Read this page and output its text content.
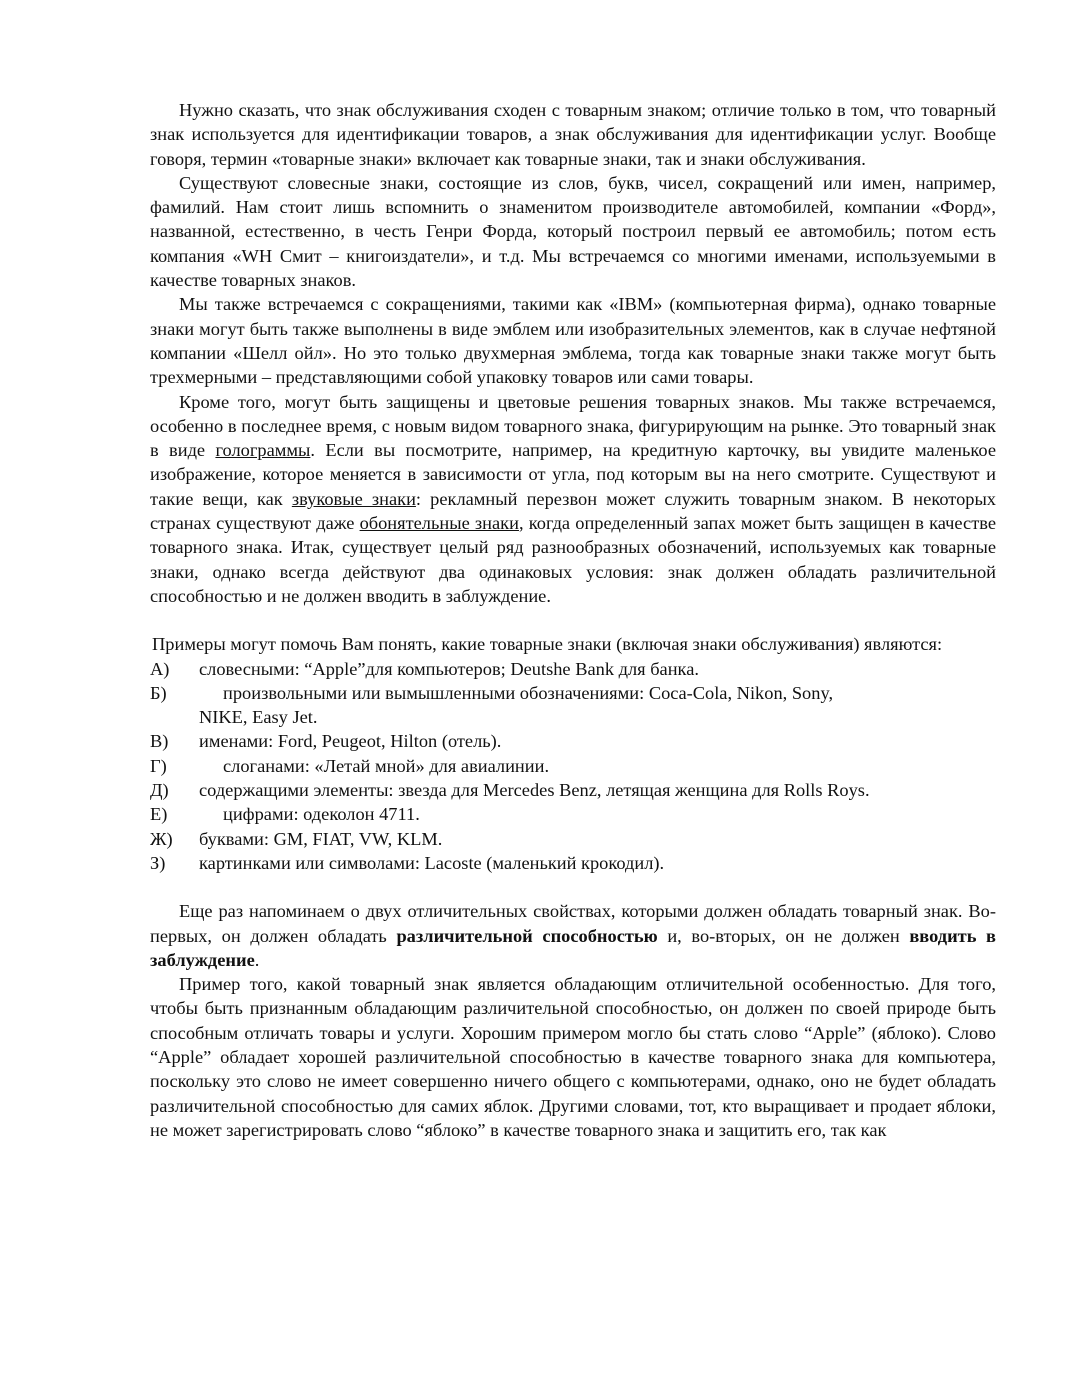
Нужно сказать, что знак обслуживания сходен с товарным знаком; отличие только в том, что товарный знак используется для идентификации товаров, а знак обслуживания для идентификации услуг. Вообще говоря, термин «товарные знаки» включает как товарные знаки, так и знаки обслуживания.

Существуют словесные знаки, состоящие из слов, букв, чисел, сокращений или имен, например, фамилий. Нам стоит лишь вспомнить о знаменитом производителе автомобилей, компании «Форд», названной, естественно, в честь Генри Форда, который построил первый ее автомобиль; потом есть компания «WH Смит – книгоиздатели», и т.д. Мы встречаемся со многими именами, используемыми в качестве товарных знаков.

Мы также встречаемся с сокращениями, такими как «IBM» (компьютерная фирма), однако товарные знаки могут быть также выполнены в виде эмблем или изобразительных элементов, как в случае нефтяной компании «Шелл ойл». Но это только двухмерная эмблема, тогда как товарные знаки также могут быть трехмерными – представляющими собой упаковку товаров или сами товары.

Кроме того, могут быть защищены и цветовые решения товарных знаков. Мы также встречаемся, особенно в последнее время, с новым видом товарного знака, фигурирующим на рынке. Это товарный знак в виде голограммы. Если вы посмотрите, например, на кредитную карточку, вы увидите маленькое изображение, которое меняется в зависимости от угла, под которым вы на него смотрите. Существуют и такие вещи, как звуковые знаки: рекламный перезвон может служить товарным знаком. В некоторых странах существуют даже обонятельные знаки, когда определенный запах может быть защищен в качестве товарного знака. Итак, существует целый ряд разнообразных обозначений, используемых как товарные знаки, однако всегда действуют два одинаковых условия: знак должен обладать различительной способностью и не должен вводить в заблуждение.

Примеры могут помочь Вам понять, какие товарные знаки (включая знаки обслуживания) являются:

А)	словесными: “Apple”для компьютеров; Deutshe Bank для банка.
Б)	произвольными или вымышленными обозначениями: Coca-Cola, Nikon, Sony, NIKE, Easy Jet.
В)	именами: Ford, Peugeot, Hilton (отель).
Г)	слоганами: «Летай мной» для авиалинии.
Д)	содержащими элементы: звезда для Mercedes Benz, летящая женщина для Rolls Roys.
Е)	цифрами: одеколон 4711.
Ж)	буквами: GM, FIAT, VW, KLM.
З)	картинками или символами: Lacoste (маленький крокодил).

Еще раз напоминаем о двух отличительных свойствах, которыми должен обладать товарный знак. Во-первых, он должен обладать различительной способностью и, во-вторых, он не должен вводить в заблуждение.

Пример того, какой товарный знак является обладающим отличительной особенностью. Для того, чтобы быть признанным обладающим различительной способностью, он должен по своей природе быть способным отличать товары и услуги. Хорошим примером могло бы стать слово “Apple” (яблоко). Слово “Apple” обладает хорошей различительной способностью в качестве товарного знака для компьютера, поскольку это слово не имеет совершенно ничего общего с компьютерами, однако, оно не будет обладать различительной способностью для самих яблок. Другими словами, тот, кто выращивает и продает яблоки, не может зарегистрировать слово “яблоко” в качестве товарного знака и защитить его, так как
